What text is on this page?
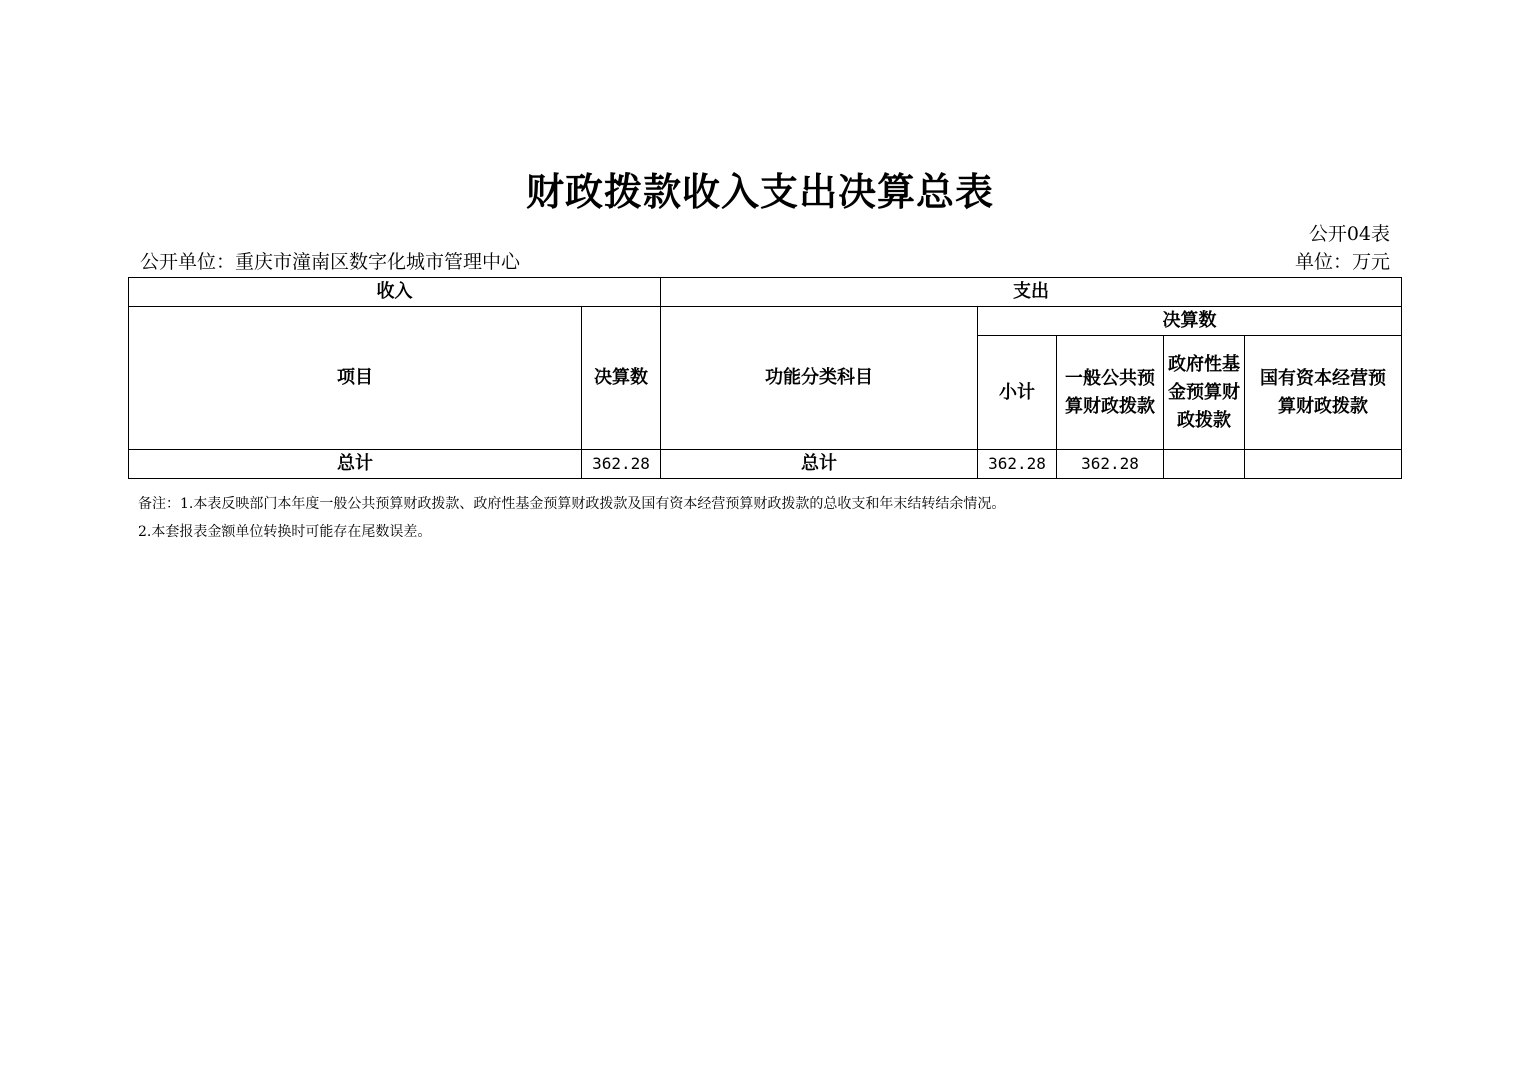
财政拨款收入支出决算总表
公开04表
公开单位：重庆市潼南区数字化城市管理中心	单位：万元
收入		支出				
项目	决算数	功能分类科目	决算数			
			小计	一般公共预算财政拨款	政府性基金预算财政拨款	国有资本经营预算财政拨款
总计	362.28	总计	362.28	362.28		
备注：1.本表反映部门本年度一般公共预算财政拨款、政府性基金预算财政拨款及国有资本经营预算财政拨款的总收支和年末结转结余情况。
2.本套报表金额单位转换时可能存在尾数误差。
